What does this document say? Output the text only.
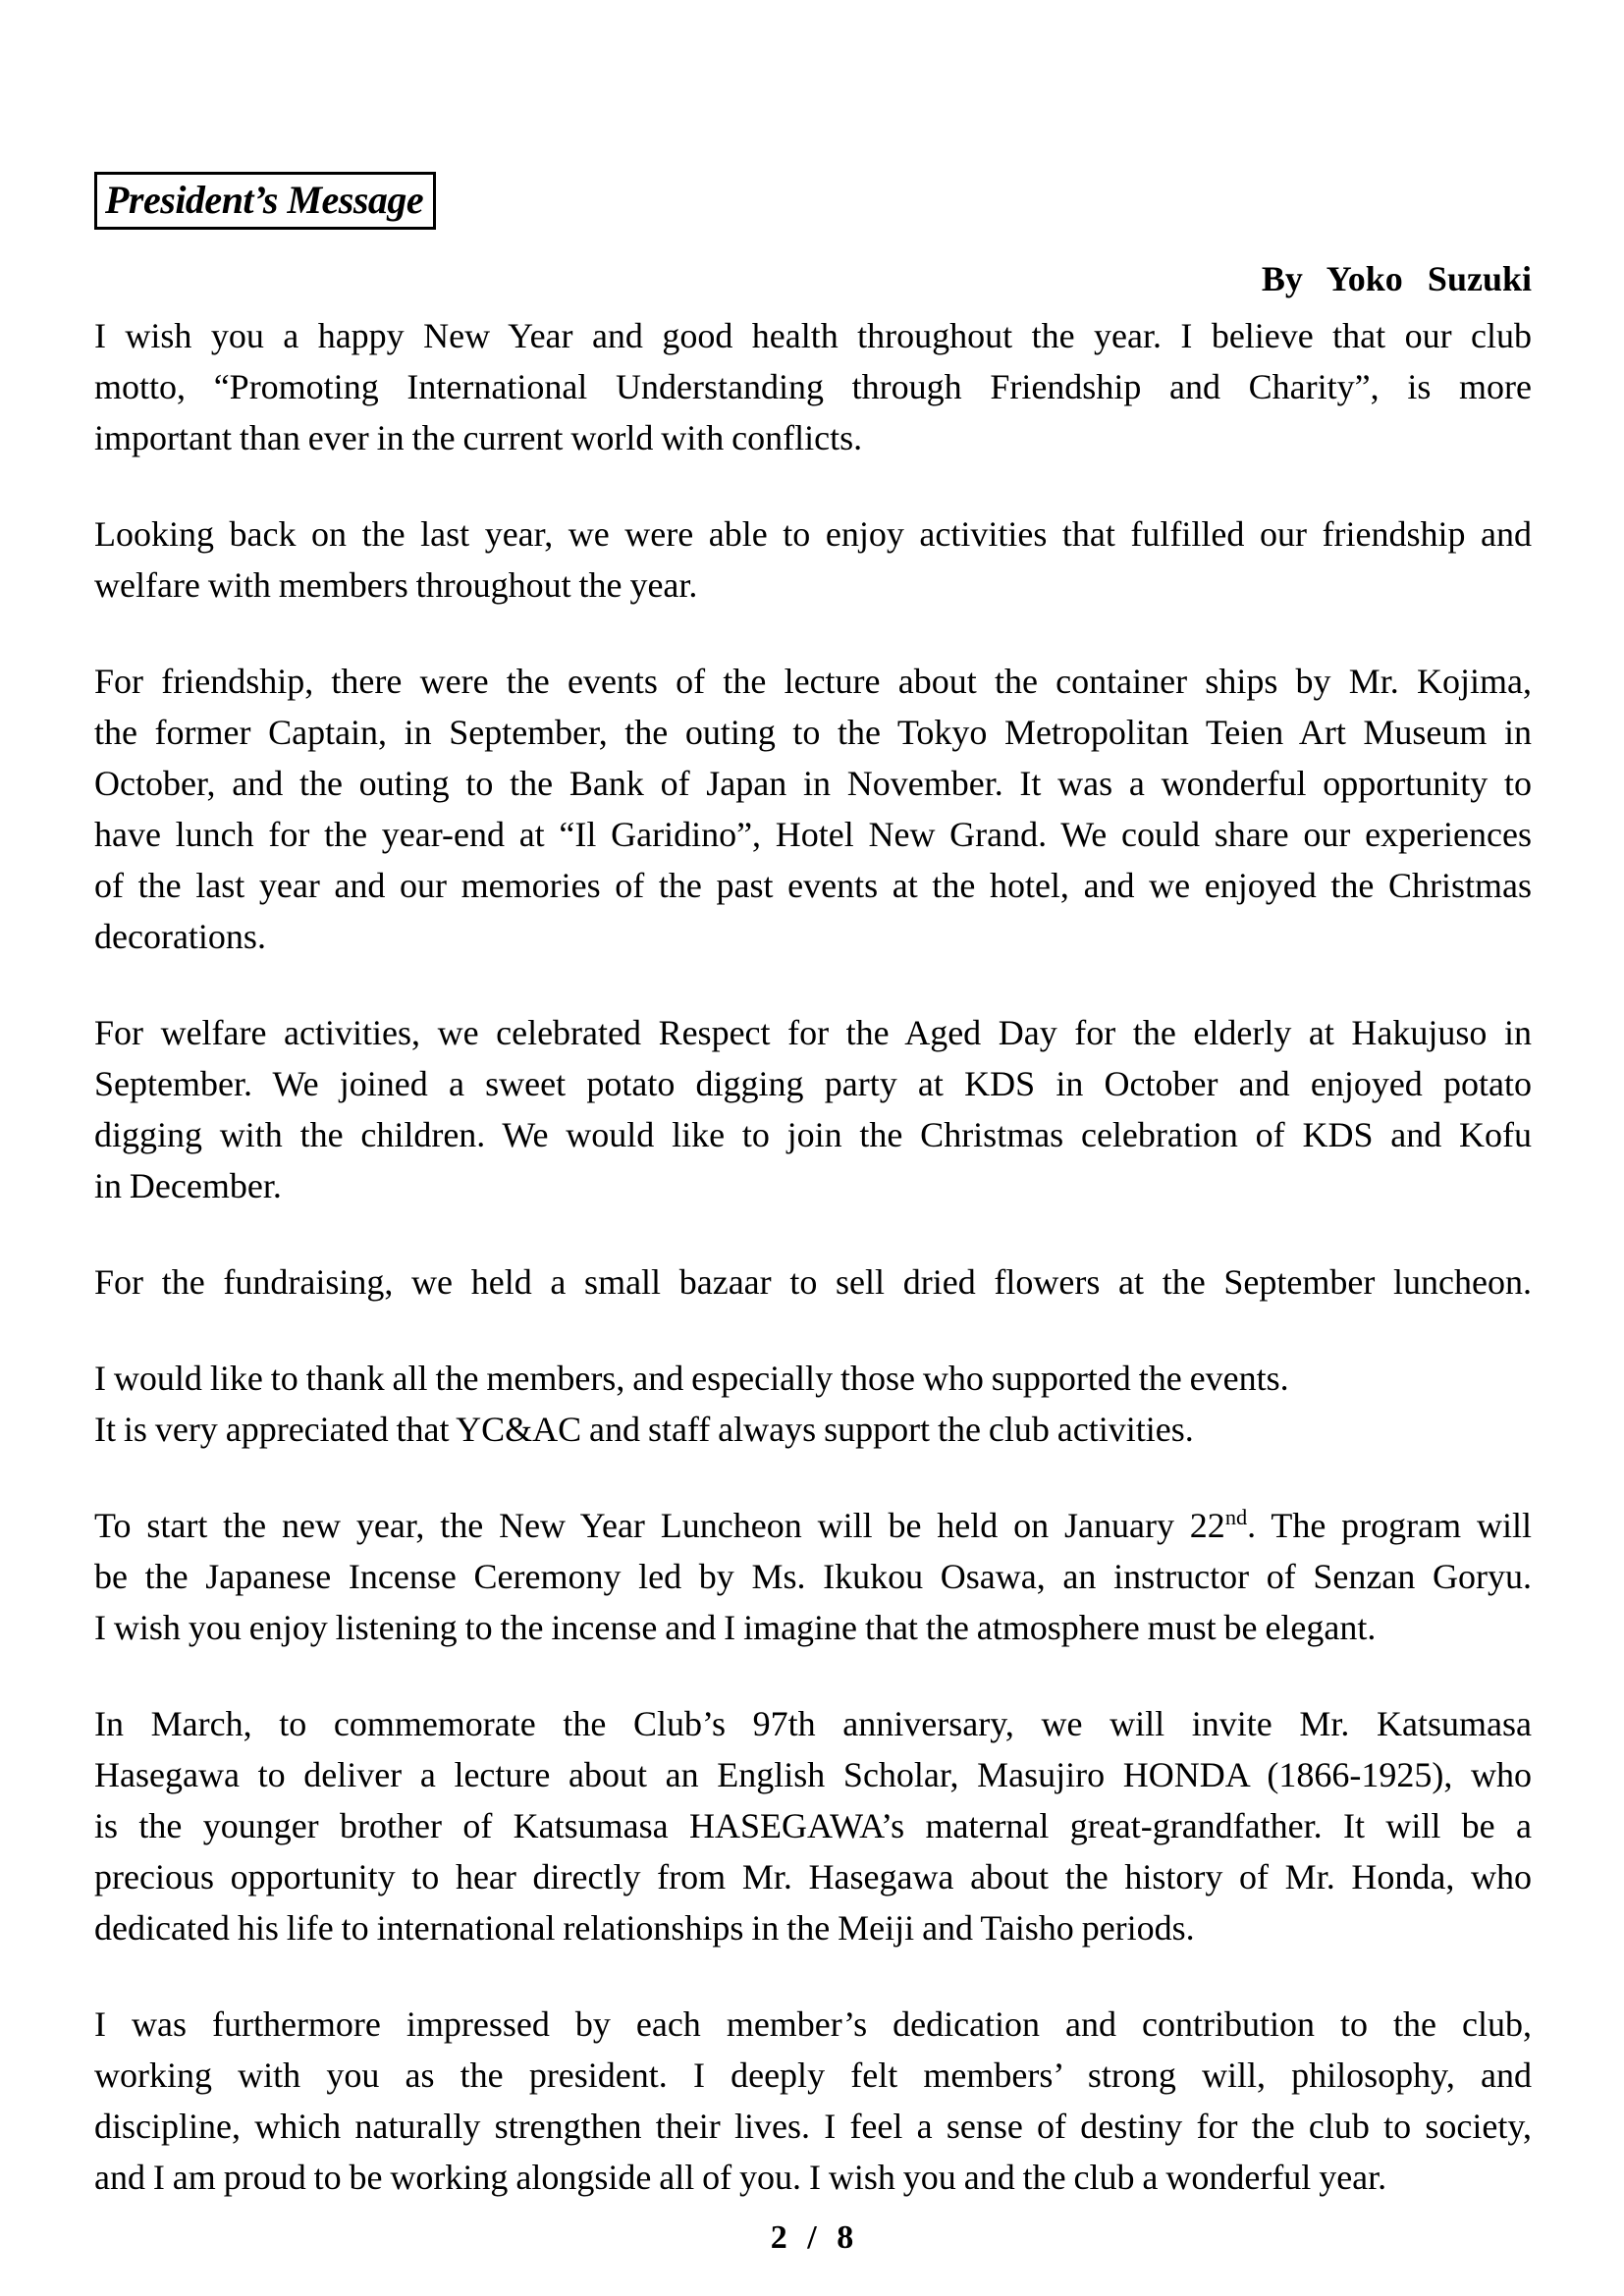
President’s Message
By Yoko Suzuki
I wish you a happy New Year and good health throughout the year. I believe that our club
motto, “Promoting International Understanding through Friendship and Charity”, is more
important than ever in the current world with conflicts.
Looking back on the last year, we were able to enjoy activities that fulfilled our friendship and
welfare with members throughout the year.
For friendship, there were the events of the lecture about the container ships by Mr. Kojima,
the former Captain, in September, the outing to the Tokyo Metropolitan Teien Art Museum in
October, and the outing to the Bank of Japan in November. It was a wonderful opportunity to
have lunch for the year-end at “Il Garidino”, Hotel New Grand. We could share our experiences
of the last year and our memories of the past events at the hotel, and we enjoyed the Christmas
decorations.
For welfare activities, we celebrated Respect for the Aged Day for the elderly at Hakujuso in
September. We joined a sweet potato digging party at KDS in October and enjoyed potato
digging with the children. We would like to join the Christmas celebration of KDS and Kofu
in December.
For the fundraising, we held a small bazaar to sell dried flowers at the September luncheon.
I would like to thank all the members, and especially those who supported the events.
It is very appreciated that YC&AC and staff always support the club activities.
To start the new year, the New Year Luncheon will be held on January 22nd. The program will
be the Japanese Incense Ceremony led by Ms. Ikukou Osawa, an instructor of Senzan Goryu.
I wish you enjoy listening to the incense and I imagine that the atmosphere must be elegant.
In March, to commemorate the Club’s 97th anniversary, we will invite Mr. Katsumasa
Hasegawa to deliver a lecture about an English Scholar, Masujiro HONDA (1866-1925), who
is the younger brother of Katsumasa HASEGAWA’s maternal great-grandfather. It will be a
precious opportunity to hear directly from Mr. Hasegawa about the history of Mr. Honda, who
dedicated his life to international relationships in the Meiji and Taisho periods.
I was furthermore impressed by each member’s dedication and contribution to the club,
working with you as the president. I deeply felt members’ strong will, philosophy, and
discipline, which naturally strengthen their lives. I feel a sense of destiny for the club to society,
and I am proud to be working alongside all of you. I wish you and the club a wonderful year.
2 / 8
